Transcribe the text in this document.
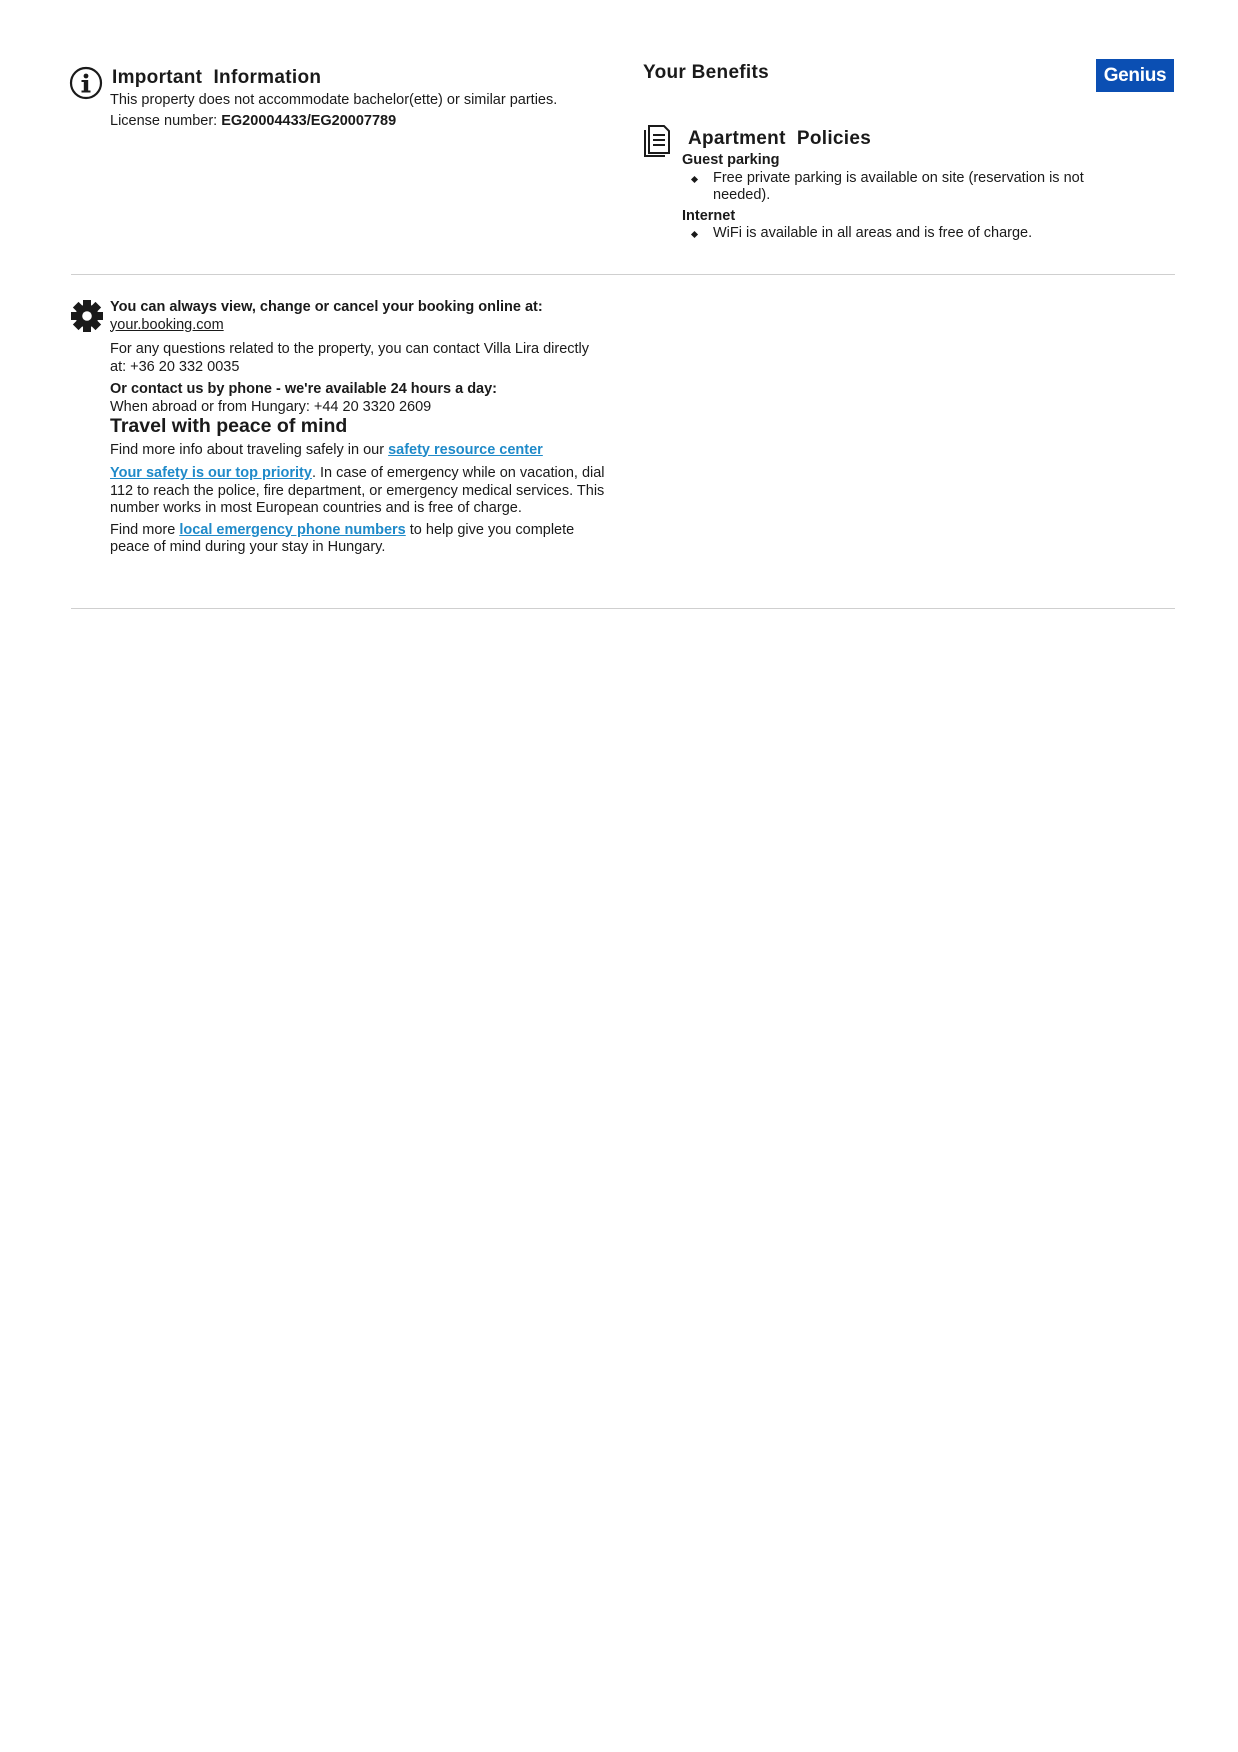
Important  Information
This property does not accommodate bachelor(ette) or similar parties.
License number: EG20004433/EG20007789
Your Benefits	Genius
Apartment  Policies
Guest parking
Free private parking is available on site (reservation is not needed).
Internet
WiFi is available in all areas and is free of charge.
You can always view, change or cancel your booking online at:
your.booking.com
For any questions related to the property, you can contact Villa Lira directly at: +36 20 332 0035
Or contact us by phone - we're available 24 hours a day:
When abroad or from Hungary: +44 20 3320 2609
Travel with peace of mind
Find more info about traveling safely in our safety resource center
Your safety is our top priority. In case of emergency while on vacation, dial 112 to reach the police, fire department, or emergency medical services. This number works in most European countries and is free of charge.
Find more local emergency phone numbers to help give you complete peace of mind during your stay in Hungary.
